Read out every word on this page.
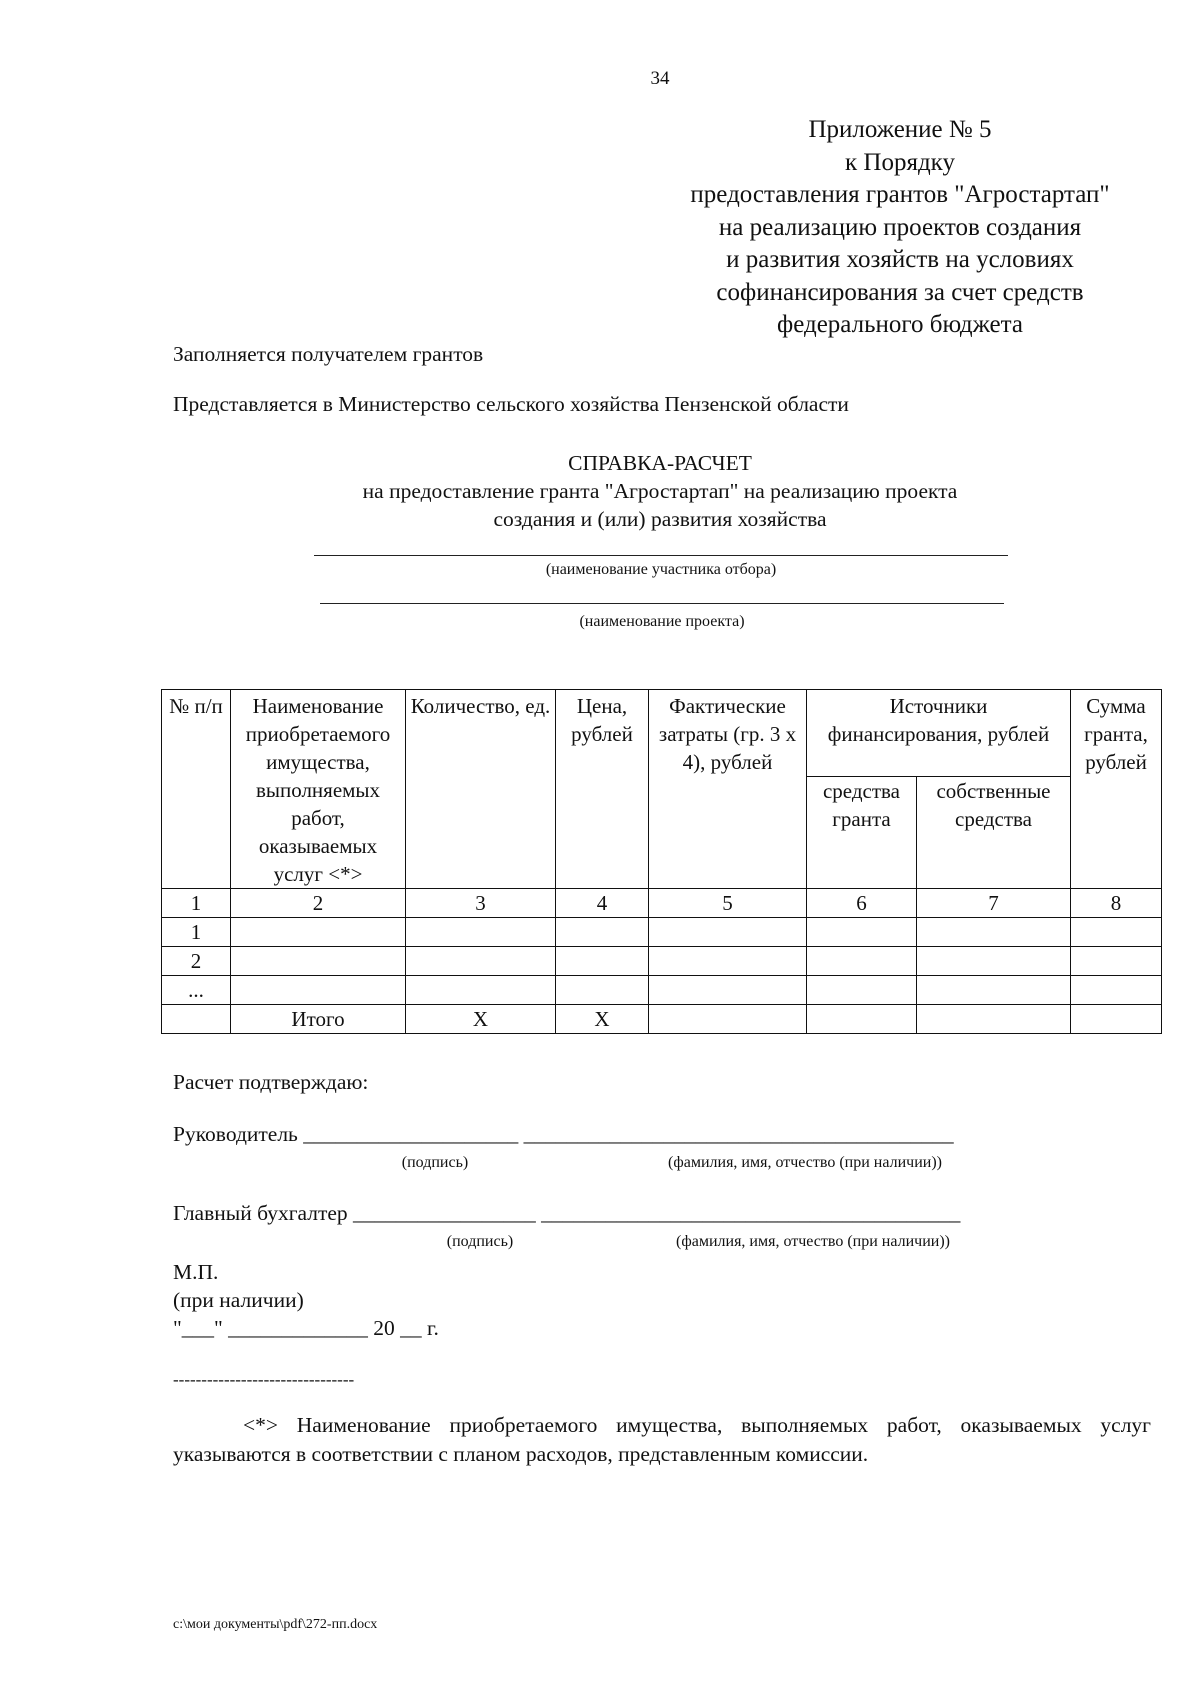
34
Приложение № 5
к Порядку
предоставления грантов "Агростартап"
на реализацию проектов создания
и развития хозяйств на условиях
софинансирования за счет средств
федерального бюджета
Заполняется получателем грантов
Представляется в Министерство сельского хозяйства Пензенской области
СПРАВКА-РАСЧЕТ
на предоставление гранта "Агростартап" на реализацию проекта
создания и (или) развития хозяйства
(наименование участника отбора)
(наименование проекта)
№ п/п	Наименование приобретаемого имущества, выполняемых работ, оказываемых услуг <*>	Количество, ед.	Цена, рублей	Фактические затраты (гр. 3 х 4), рублей	Источники финансирования, рублей		Сумма гранта, рублей
					средства гранта	собственные средства	
1	2	3	4	5	6	7	8
1							
2							
...							
	Итого	Х	Х				
Расчет подтверждаю:
Руководитель ____________________ ________________________________________
(подпись)	(фамилия, имя, отчество (при наличии))
Главный бухгалтер _________________ _______________________________________
(подпись)	(фамилия, имя, отчество (при наличии))
М.П.
(при наличии)
"___" _____________ 20 __ г.
--------------------------------
<*> Наименование приобретаемого имущества, выполняемых работ, оказываемых услуг указываются в соответствии с планом расходов, представленным комиссии.
c:\мои документы\pdf\272-пп.docx
